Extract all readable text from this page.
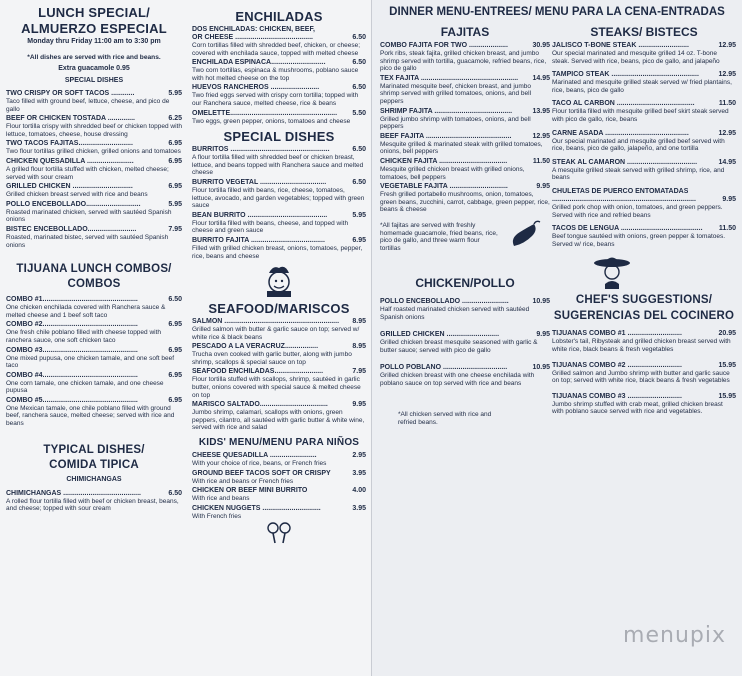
LUNCH SPECIAL/
ALMUERZO ESPECIAL
Monday thru Friday 11:00 am to 3:30 pm
*All dishes are served with rice and beans.
Extra guacamole 0.95
SPECIAL DISHES
TWO CRISPY OR SOFT TACOS ............	5.95
Taco filled with ground beef, lettuce, cheese, and pico de gallo
BEEF OR CHICKEN TOSTADA ..............	6.25
Flour tortilla crispy with shredded beef or chicken topped with lettuce, tomatoes, cheese, house dressing
TWO TACOS FAJITAS............................	6.95
Two flour tortillas grilled chicken, grilled onions and tomatoes
CHICKEN QUESADILLA ........................	6.95
A grilled flour tortilla stuffed with chicken, melted cheese; served with sour cream
GRILLED CHICKEN ...............................	6.95
Grilled chicken breast served with rice and beans
POLLO ENCEBOLLADO............................	5.95
Roasted marinated chicken, served with sautéed Spanish onions
BISTEC ENCEBOLLADO.........................	7.95
Roasted, marinated bistec, served with sautéed Spanish onions
TIJUANA LUNCH COMBOS/
COMBOS
COMBO #1.................................................	6.50
One chicken enchilada covered with Ranchera sauce & melted cheese and 1 beef soft taco
COMBO #2.................................................	6.95
One fresh chile poblano filled with cheese topped with ranchera sauce, one soft chicken taco
COMBO #3.................................................	6.95
One mixed pupusa, one chicken tamale, and one soft beef taco
COMBO #4.................................................	6.95
One corn tamale, one chicken tamale, and one cheese pupusa
COMBO #5.................................................	6.95
One Mexican tamale, one chile poblano filled with ground beef, ranchera sauce, melted cheese; served with rice and beans
TYPICAL DISHES/
COMIDA TIPICA
CHIMICHANGAS
CHIMICHANGAS ........................................	6.50
A rolled flour tortilla filled with beef or chicken breast, beans, and cheese; topped with sour cream
ENCHILADAS
DOS ENCHILADAS: CHICKEN, BEEF,
OR CHEESE ........................................	6.50
Corn tortillas filled with shredded beef, chicken, or cheese; covered with enchilada sauce, topped with melted cheese
ENCHILADA ESPINACA............................	6.50
Two corn tortillas, espinaca & mushrooms, poblano sauce with hot melted cheese on the top
HUEVOS RANCHEROS .........................	6.50
Two fried eggs served with crispy corn tortilla; topped with our Ranchera sauce, melted cheese, rice & beans
OMELETTE....................................................... 5.50
Two eggs, green pepper, onions, tomatoes and cheese
SPECIAL DISHES
BURRITOS ...................................................	6.50
A flour tortilla filled with shredded beef or chicken breast, lettuce, and beans topped with Ranchera sauce and melted cheese
BURRITO VEGETAL ..................................	6.50
Flour tortilla filled with beans, rice, cheese, tomatoes, lettuce, avocado, and garden vegetables; topped with green sauce
BEAN BURRITO .........................................	5.95
Flour tortilla filled with beans, cheese, and topped with cheese and green sauce
BURRITO FAJITA ......................................	6.95
Filled with grilled chicken breast, onions, tomatoes, pepper, rice, beans and cheese
SEAFOOD/MARISCOS
SALMON ........................................................... 8.95
Grilled salmon with butter & garlic sauce on top; served w/ white rice & black beans
PESCADO A LA VERACRUZ.................	8.95
Trucha oven cooked with garlic butter, along with jumbo shrimp, scallops & special sauce on top
SEAFOOD ENCHILADAS.........................	7.95
Flour tortilla stuffed with scallops, shrimp, sautéed in garlic butter, onions covered with special sauce & melted cheese on top
MARISCO SALTADO...................................	9.95
Jumbo shrimp, calamari, scallops with onions, green peppers, cilantro, all sautéed with garlic butter & white wine, served with rice and salad
KIDS' MENU/MENU PARA NIÑOS
CHEESE QUESADILLA ........................	2.95
With your choice of rice, beans, or French fries
GROUND BEEF TACOS SOFT OR CRISPY	3.95
With rice and beans or French fries
CHICKEN OR BEEF MINI BURRITO	4.00
With rice and beans
CHICKEN NUGGETS ..............................	3.95
With French fries
DINNER MENU-ENTREES/ MENU PARA LA CENA-ENTRADAS
FAJITAS
COMBO FAJITA FOR TWO ....................	30.95
Pork ribs, steak fajita, grilled chicken breast, and jumbo shrimp served with tortilla, guacamole, refried beans, rice, pico de gallo
TEX FAJITA .................................................. 14.95
Marinated mesquite beef, chicken breast, and jumbo shrimp served with grilled tomatoes, onions, and bell peppers
SHRIMP FAJITA ........................................	13.95
Grilled jumbo shrimp with tomatoes, onions, and bell peppers
BEEF FAJITA ............................................	12.95
Mesquite grilled & marinated steak with grilled tomatoes, onions, bell peppers
CHICKEN FAJITA ...................................	11.50
Mesquite grilled chicken breast with grilled onions, tomatoes, bell peppers
VEGETABLE FAJITA ..............................	9.95
Fresh grilled portabello mushrooms, onion, tomatoes, green beans, zucchini, carrot, cabbage, green pepper, rice, beans & cheese
*All fajitas are served with freshly homemade guacamole, fried beans, rice, pico de gallo, and three warm flour tortillas
CHICKEN/POLLO
POLLO ENCEBOLLADO ........................	10.95
Half roasted marinated chicken served with sautéed Spanish onions
GRILLED CHICKEN ...........................	9.95
Grilled chicken breast mesquite seasoned with garlic & butter sauce; served with pico de gallo
POLLO POBLANO .................................	10.95
Grilled chicken breast with one cheese enchilada with poblano sauce on top served with rice and beans
*All chicken served with rice and refried beans.
STEAKS/ BISTECS
JALISCO T-BONE STEAK ..........................	12.95
Our special marinated and mesquite grilled 14 oz. T-bone steak. Served with rice, beans, pico de gallo, and jalapeño
TAMPICO STEAK .............................................	12.95
Marinated and mesquite grilled steak served w/ fried plantains, rice, beans, pico de gallo
TACO AL CARBON ........................................	11.50
Flour tortilla filled with mesquite grilled beef skirt steak served with pico de gallo, rice, beans
CARNE ASADA ...........................................	12.95
Our special marinated and mesquite grilled beef served with rice, beans, pico de gallo, jalapeño, and one tortilla
STEAK AL CAMARON ....................................	14.95
A mesquite grilled steak served with grilled shrimp, rice, and beans
CHULETAS DE PUERCO ENTOMATADAS
..........................................................................	9.95
Grilled pork chop with onion, tomatoes, and green peppers. Served with rice and refried beans
TACOS DE LENGUA .......................................... 11.50
Beef tongue sautéed with onions, green pepper & tomatoes. Served w/ rice, beans
CHEF'S SUGGESTIONS/
SUGERENCIAS DEL COCINERO
TIJUANAS COMBO #1 ............................	20.95
Lobster's tail, Ribysteak and grilled chicken breast served with white rice, black beans & fresh vegetables
TIJUANAS COMBO #2 ............................	15.95
Grilled salmon and Jumbo shrimp with butter and garlic sauce on top; served with white rice, black beans & fresh vegetables
TIJUANAS COMBO #3 ............................	15.95
Jumbo shrimp stuffed with crab meat, grilled chicken breast with poblano sauce served with rice and vegetables.
menupix
